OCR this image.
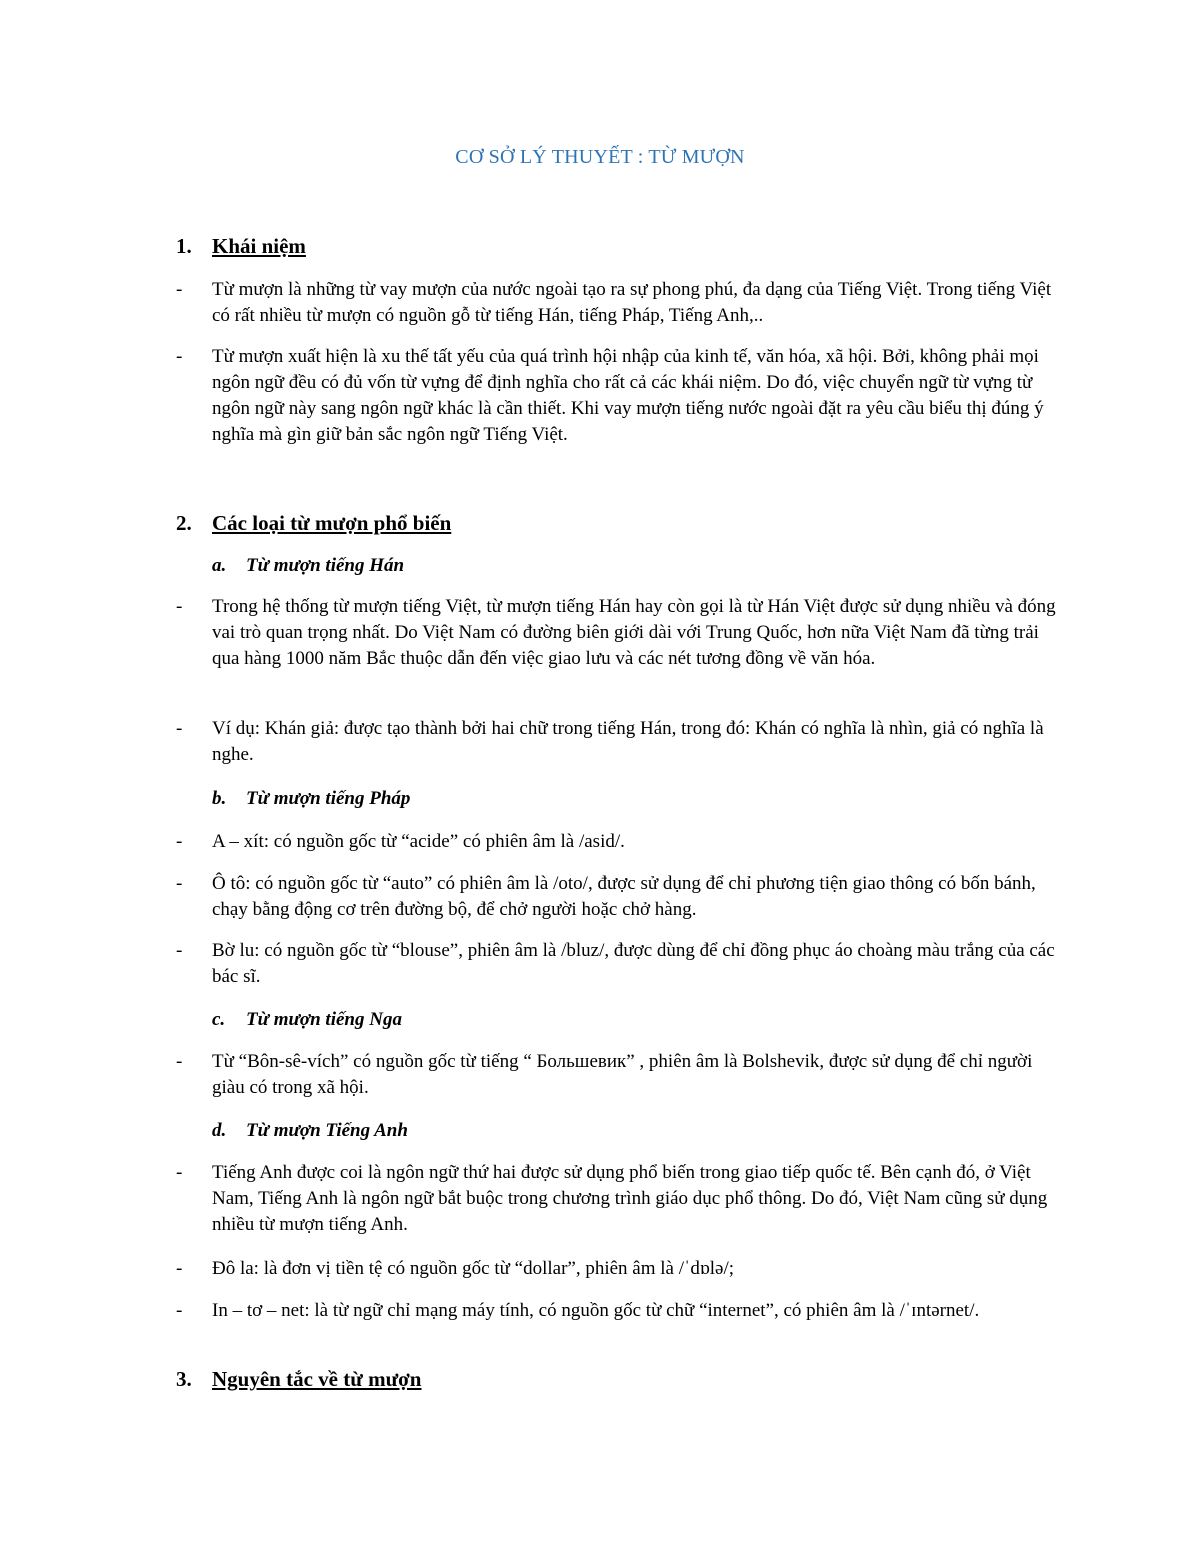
CƠ SỞ LÝ THUYẾT : TỪ MƯỢN
1. Khái niệm
-	Từ mượn là những từ vay mượn của nước ngoài tạo ra sự phong phú, đa dạng của Tiếng Việt. Trong tiếng Việt có rất nhiều từ mượn có nguồn gỗ từ tiếng Hán, tiếng Pháp, Tiếng Anh,..
-	Từ mượn xuất hiện là xu thế tất yếu của quá trình hội nhập của kinh tế, văn hóa, xã hội. Bởi, không phải mọi ngôn ngữ đều có đủ vốn từ vựng để định nghĩa cho rất cả các khái niệm. Do đó, việc chuyển ngữ từ vựng từ ngôn ngữ này sang ngôn ngữ khác là cần thiết. Khi vay mượn tiếng nước ngoài đặt ra yêu cầu biểu thị đúng ý nghĩa mà gìn giữ bản sắc ngôn ngữ Tiếng Việt.
2. Các loại từ mượn phổ biến
a. Từ mượn tiếng Hán
-	Trong hệ thống từ mượn tiếng Việt, từ mượn tiếng Hán hay còn gọi là từ Hán Việt được sử dụng nhiều và đóng vai trò quan trọng nhất. Do Việt Nam có đường biên giới dài với Trung Quốc, hơn nữa Việt Nam đã từng trải qua hàng 1000 năm Bắc thuộc dẫn đến việc giao lưu và các nét tương đồng về văn hóa.
-	Ví dụ: Khán giả: được tạo thành bởi hai chữ trong tiếng Hán, trong đó: Khán có nghĩa là nhìn, giả có nghĩa là nghe.
b. Từ mượn tiếng Pháp
-	A – xít: có nguồn gốc từ “acide” có phiên âm là /asid/.
-	Ô tô: có nguồn gốc từ “auto” có phiên âm là /oto/, được sử dụng để chỉ phương tiện giao thông có bốn bánh, chạy bằng động cơ trên đường bộ, để chở người hoặc chở hàng.
-	Bờ lu: có nguồn gốc từ “blouse”, phiên âm là /bluz/, được dùng để chỉ đồng phục áo choàng màu trắng của các bác sĩ.
c. Từ mượn tiếng Nga
-	Từ “Bôn-sê-vích” có nguồn gốc từ tiếng “ Большевик” , phiên âm là Bolshevik, được sử dụng để chỉ người giàu có trong xã hội.
d. Từ mượn Tiếng Anh
-	Tiếng Anh được coi là ngôn ngữ thứ hai được sử dụng phổ biến trong giao tiếp quốc tế. Bên cạnh đó, ở Việt Nam, Tiếng Anh là ngôn ngữ bắt buộc trong chương trình giáo dục phổ thông. Do đó, Việt Nam cũng sử dụng nhiều từ mượn tiếng Anh.
-	Đô la: là đơn vị tiền tệ có nguồn gốc từ “dollar”, phiên âm là /ˈdɒlə/;
-	In – tơ – net: là từ ngữ chỉ mạng máy tính, có nguồn gốc từ chữ “internet”, có phiên âm là /ˈɪntərnet/.
3. Nguyên tắc về từ mượn
